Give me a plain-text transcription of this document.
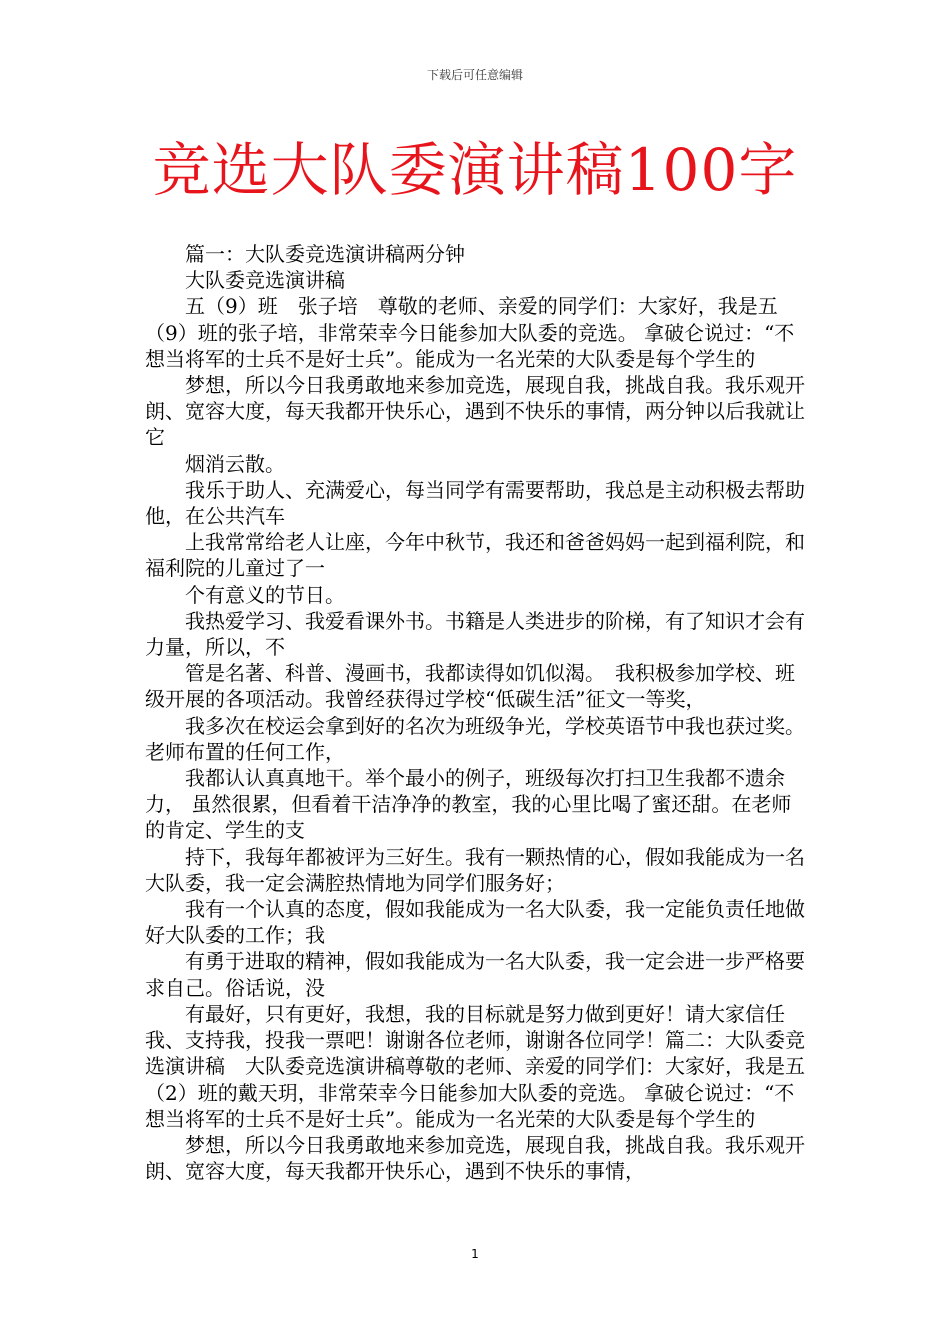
下载后可任意编辑
竞选大队委演讲稿100字

篇一：大队委竞选演讲稿两分钟

大队委竞选演讲稿

五（9）班　张子培　尊敬的老师、亲爱的同学们：大家好，我是五（9）班的张子培，非常荣幸今日能参加大队委的竞选。 拿破仑说过：“不想当将军的士兵不是好士兵”。能成为一名光荣的大队委是每个学生的

梦想，所以今日我勇敢地来参加竞选，展现自我，挑战自我。我乐观开朗、宽容大度，每天我都开快乐心，遇到不快乐的事情，两分钟以后我就让它

烟消云散。

我乐于助人、充满爱心，每当同学有需要帮助，我总是主动积极去帮助他，在公共汽车

上我常常给老人让座，今年中秋节，我还和爸爸妈妈一起到福利院，和福利院的儿童过了一

个有意义的节日。

我热爱学习、我爱看课外书。书籍是人类进步的阶梯，有了知识才会有力量，所以，不

管是名著、科普、漫画书，我都读得如饥似渴。　我积极参加学校、班级开展的各项活动。我曾经获得过学校“低碳生活”征文一等奖，

我多次在校运会拿到好的名次为班级争光，学校英语节中我也获过奖。老师布置的任何工作，

我都认认真真地干。举个最小的例子，班级每次打扫卫生我都不遗余力， 虽然很累，但看着干洁净净的教室，我的心里比喝了蜜还甜。在老师的肯定、学生的支

持下，我每年都被评为三好生。我有一颗热情的心，假如我能成为一名大队委，我一定会满腔热情地为同学们服务好；

我有一个认真的态度，假如我能成为一名大队委，我一定能负责任地做好大队委的工作；我

有勇于进取的精神，假如我能成为一名大队委，我一定会进一步严格要求自己。俗话说，没

有最好，只有更好，我想，我的目标就是努力做到更好！请大家信任我、支持我，投我一票吧！谢谢各位老师，谢谢各位同学！篇二：大队委竞选演讲稿　大队委竞选演讲稿尊敬的老师、亲爱的同学们：大家好，我是五（2）班的戴天玥，非常荣幸今日能参加大队委的竞选。 拿破仑说过：“不想当将军的士兵不是好士兵”。能成为一名光荣的大队委是每个学生的

梦想，所以今日我勇敢地来参加竞选，展现自我，挑战自我。我乐观开朗、宽容大度，每天我都开快乐心，遇到不快乐的事情，

1
